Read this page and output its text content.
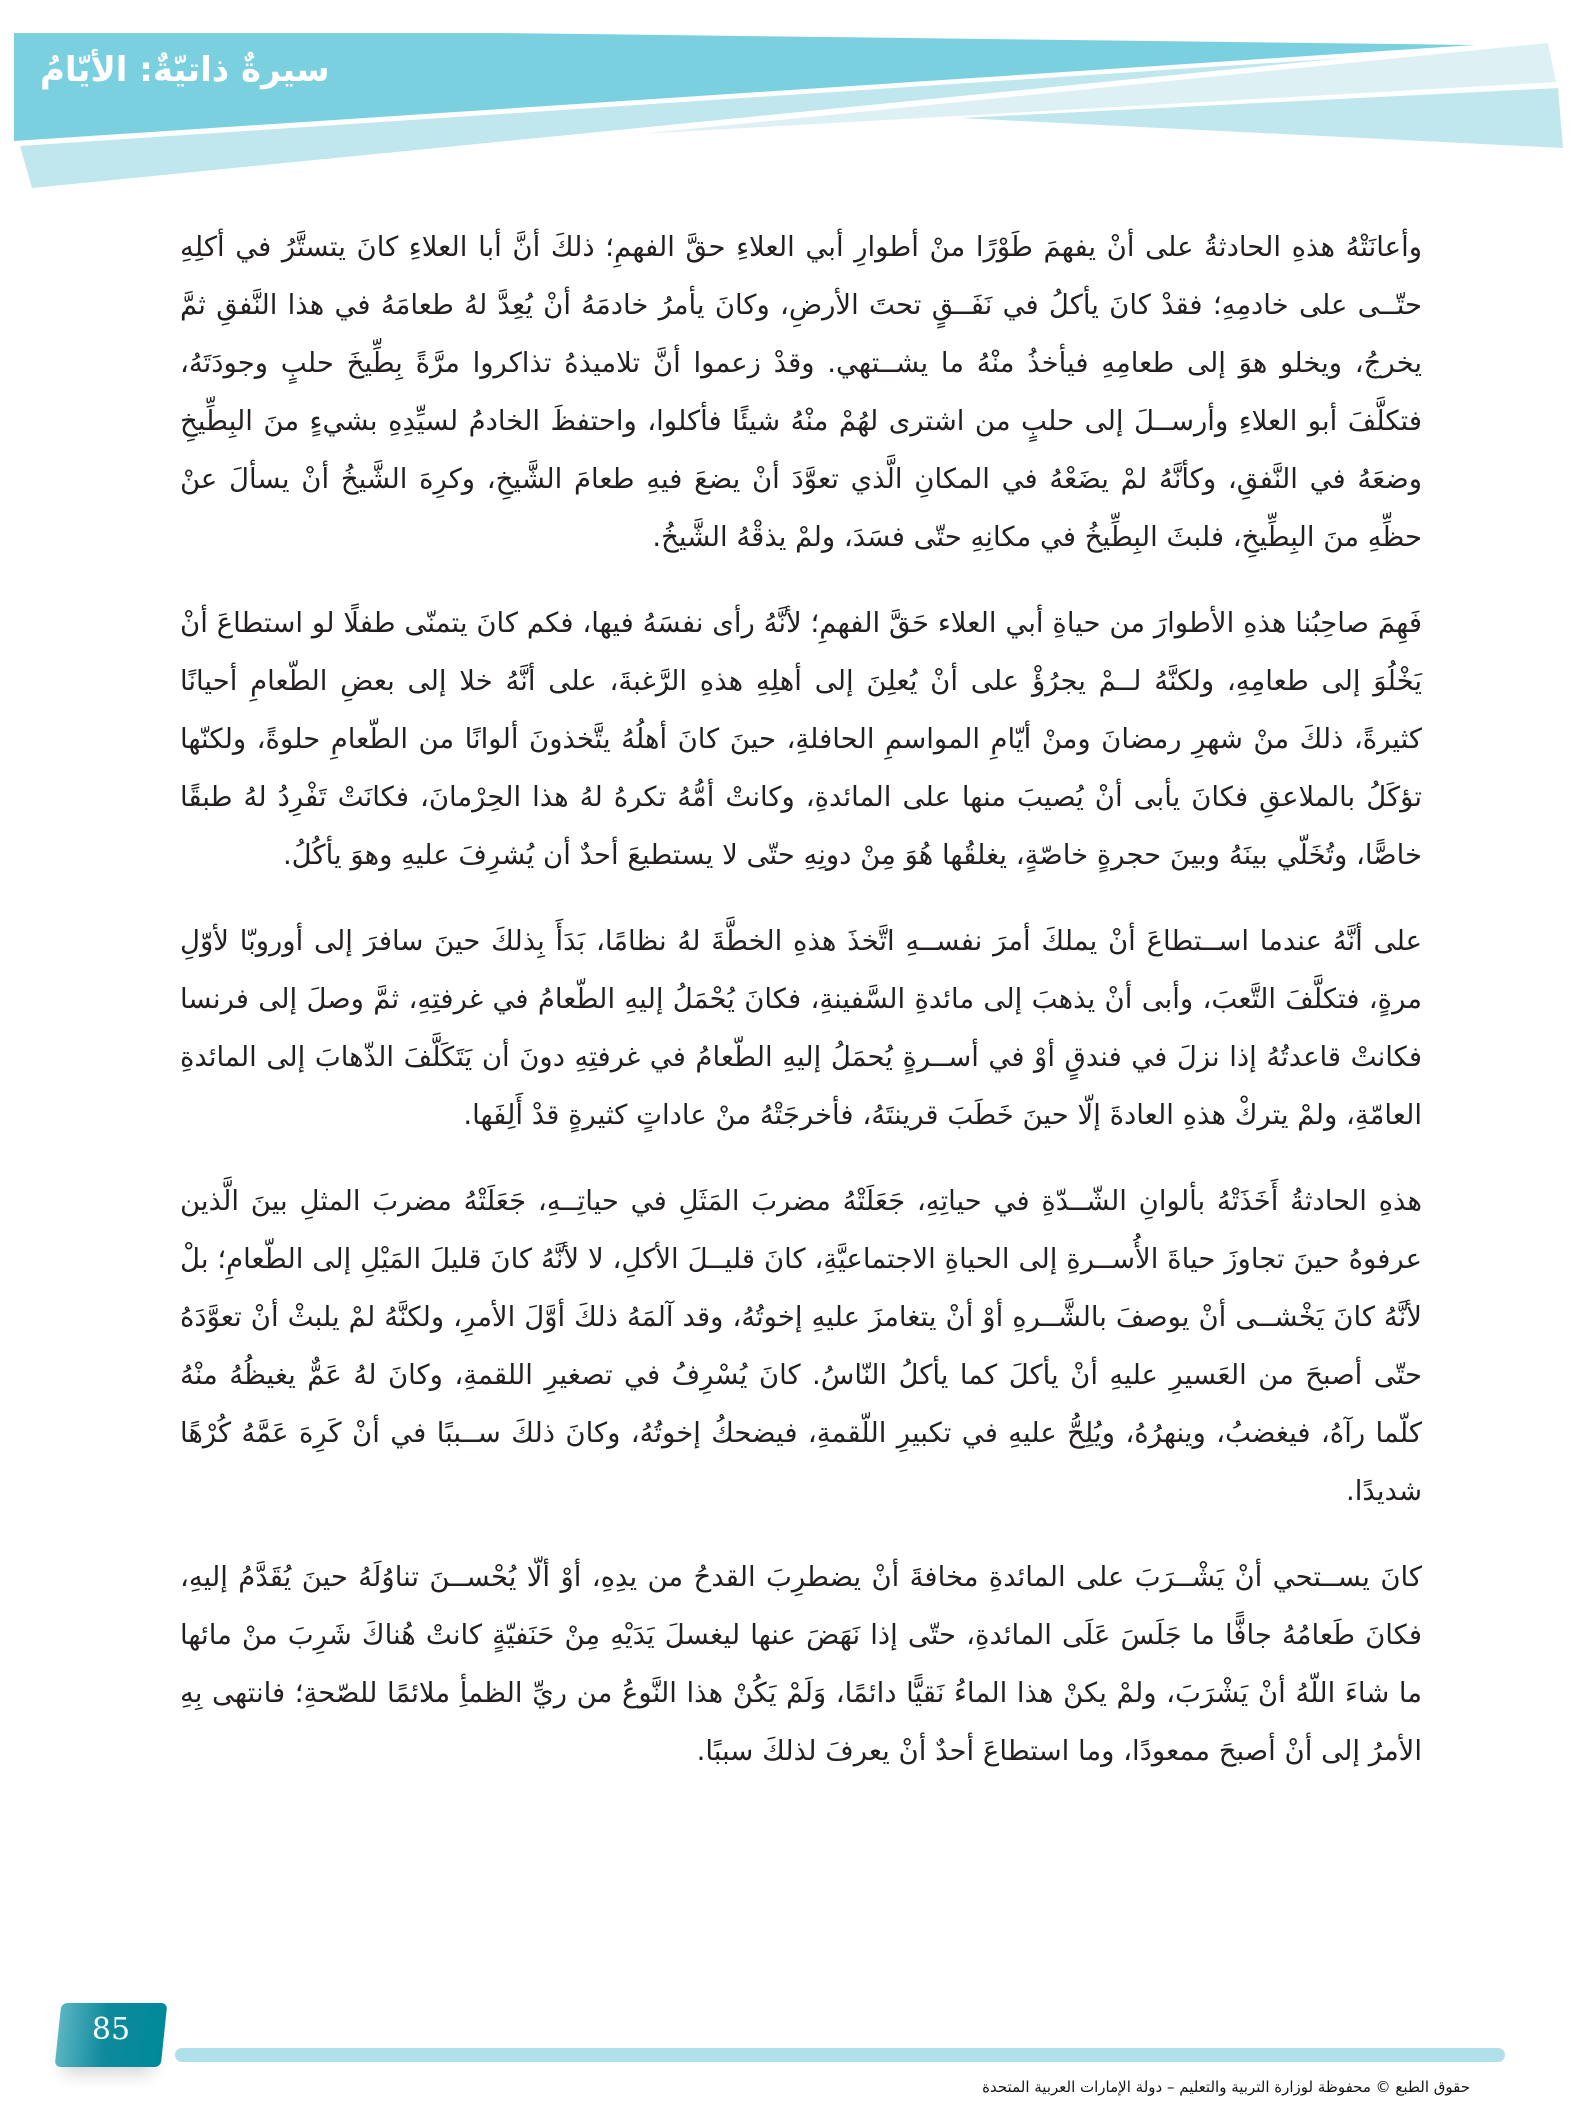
سيرةٌ ذاتيّةٌ: الأيّامُ

وأعانَتْهُ هذهِ الحادثةُ على أنْ يفهمَ طَوْرًا منْ أطوارِ أبي العلاءِ حقَّ الفهمِ؛ ذلكَ أنَّ أبا العلاءِ كانَ يتستَّرُ في أكلِهِ حتّــى على خادمِهِ؛ فقدْ كانَ يأكلُ في نَفَــقٍ تحتَ الأرضِ، وكانَ يأمرُ خادمَهُ أنْ يُعِدَّ لهُ طعامَهُ في هذا النَّفقِ ثمَّ يخرجُ، ويخلو هوَ إلى طعامِهِ فيأخذُ منْهُ ما يشــتهي. وقدْ زعموا أنَّ تلاميذهُ تذاكروا مرَّةً بِطِّيخَ حلبٍ وجودَتَهُ، فتكلَّفَ أبو العلاءِ وأرســلَ إلى حلبٍ من اشترى لهُمْ منْهُ شيئًا فأكلوا، واحتفظَ الخادمُ لسيِّدِهِ بشيءٍ منَ البِطِّيخِ وضعَهُ في النَّفقِ، وكأنَّهُ لمْ يضَعْهُ في المكانِ الَّذي تعوَّدَ أنْ يضعَ فيهِ طعامَ الشَّيخِ، وكرِهَ الشَّيخُ أنْ يسألَ عنْ حظِّهِ منَ البِطِّيخِ، فلبثَ البِطِّيخُ في مكانِهِ حتّى فسَدَ، ولمْ يذقْهُ الشَّيخُ.

فَهِمَ صاحِبُنا هذهِ الأطوارَ من حياةِ أبي العلاء حَقَّ الفهمِ؛ لأنَّهُ رأى نفسَهُ فيها، فكم كانَ يتمنّى طفلًا لو استطاعَ أنْ يَخْلُوَ إلى طعامِهِ، ولكنَّهُ لــمْ يجرُؤْ على أنْ يُعلِنَ إلى أهلِهِ هذهِ الرَّغبةَ، على أنَّهُ خلا إلى بعضِ الطّعامِ أحيانًا كثيرةً، ذلكَ منْ شهرِ رمضانَ ومنْ أيّامِ المواسمِ الحافلةِ، حينَ كانَ أهلُهُ يتَّخذونَ ألوانًا من الطّعامِ حلوةً، ولكنّها تؤكَلُ بالملاعقِ فكانَ يأبى أنْ يُصيبَ منها على المائدةِ، وكانتْ أمُّهُ تكرهُ لهُ هذا الحِرْمانَ، فكانَتْ تَفْرِدُ لهُ طبقًا خاصًّا، وتُخَلّي بينَهُ وبينَ حجرةٍ خاصّةٍ، يغلقُها هُوَ مِنْ دونِهِ حتّى لا يستطيعَ أحدٌ أن يُشرِفَ عليهِ وهوَ يأكُلُ.

على أنَّهُ عندما اســتطاعَ أنْ يملكَ أمرَ نفســهِ اتَّخذَ هذهِ الخطَّةَ لهُ نظامًا، بَدَأَ بِذلكَ حينَ سافرَ إلى أوروبّا لأوّلِ مرةٍ، فتكلَّفَ التَّعبَ، وأبى أنْ يذهبَ إلى مائدةِ السَّفينةِ، فكانَ يُحْمَلُ إليهِ الطّعامُ في غرفتِهِ، ثمَّ وصلَ إلى فرنسا فكانتْ قاعدتُهُ إذا نزلَ في فندقٍ أوْ في أســرةٍ يُحمَلُ إليهِ الطّعامُ في غرفتِهِ دونَ أن يَتَكَلَّفَ الذّهابَ إلى المائدةِ العامّةِ، ولمْ يتركْ هذهِ العادةَ إلّا حينَ خَطَبَ قرينتَهُ، فأخرجَتْهُ منْ عاداتٍ كثيرةٍ قدْ أَلِفَها.

هذهِ الحادثةُ أَخَذَتْهُ بألوانِ الشّــدّةِ في حياتِهِ، جَعَلَتْهُ مضربَ المَثَلِ في حياتِــهِ، جَعَلَتْهُ مضربَ المثلِ بينَ الَّذين عرفوهُ حينَ تجاوزَ حياةَ الأُســرةِ إلى الحياةِ الاجتماعيَّةِ، كانَ قليــلَ الأكلِ، لا لأنَّهُ كانَ قليلَ المَيْلِ إلى الطّعامِ؛ بلْ لأنَّهُ كانَ يَخْشــى أنْ يوصفَ بالشَّــرهِ أوْ أنْ يتغامزَ عليهِ إخوتُهُ، وقد آلمَهُ ذلكَ أوَّلَ الأمرِ، ولكنَّهُ لمْ يلبثْ أنْ تعوَّدَهُ حتّى أصبحَ من العَسيرِ عليهِ أنْ يأكلَ كما يأكلُ النّاسُ. كانَ يُسْرِفُ في تصغيرِ اللقمةِ، وكانَ لهُ عَمٌّ يغيظُهُ منْهُ كلّما رآهُ، فيغضبُ، وينهرُهُ، ويُلِحُّ عليهِ في تكبيرِ اللّقمةِ، فيضحكُ إخوتُهُ، وكانَ ذلكَ ســببًا في أنْ كَرِهَ عَمَّهُ كُرْهًا شديدًا.

كانَ يســتحي أنْ يَشْــرَبَ على المائدةِ مخافةَ أنْ يضطرِبَ القدحُ من يدِهِ، أوْ ألّا يُحْســنَ تناوُلَهُ حينَ يُقَدَّمُ إليهِ، فكانَ طَعامُهُ جافًّا ما جَلَسَ عَلَى المائدةِ، حتّى إذا نَهَضَ عنها ليغسلَ يَدَيْهِ مِنْ حَنَفيّةٍ كانتْ هُناكَ شَرِبَ منْ مائها ما شاءَ اللّهُ أنْ يَشْرَبَ، ولمْ يكنْ هذا الماءُ نَقيًّا دائمًا، وَلَمْ يَكُنْ هذا النَّوعُ من ريِّ الظمأِ ملائمًا للصّحةِ؛ فانتهى بِهِ الأمرُ إلى أنْ أصبحَ ممعودًا، وما استطاعَ أحدٌ أنْ يعرفَ لذلكَ سببًا.

85
حقوق الطبع © محفوظة لوزارة التربية والتعليم – دولة الإمارات العربية المتحدة
